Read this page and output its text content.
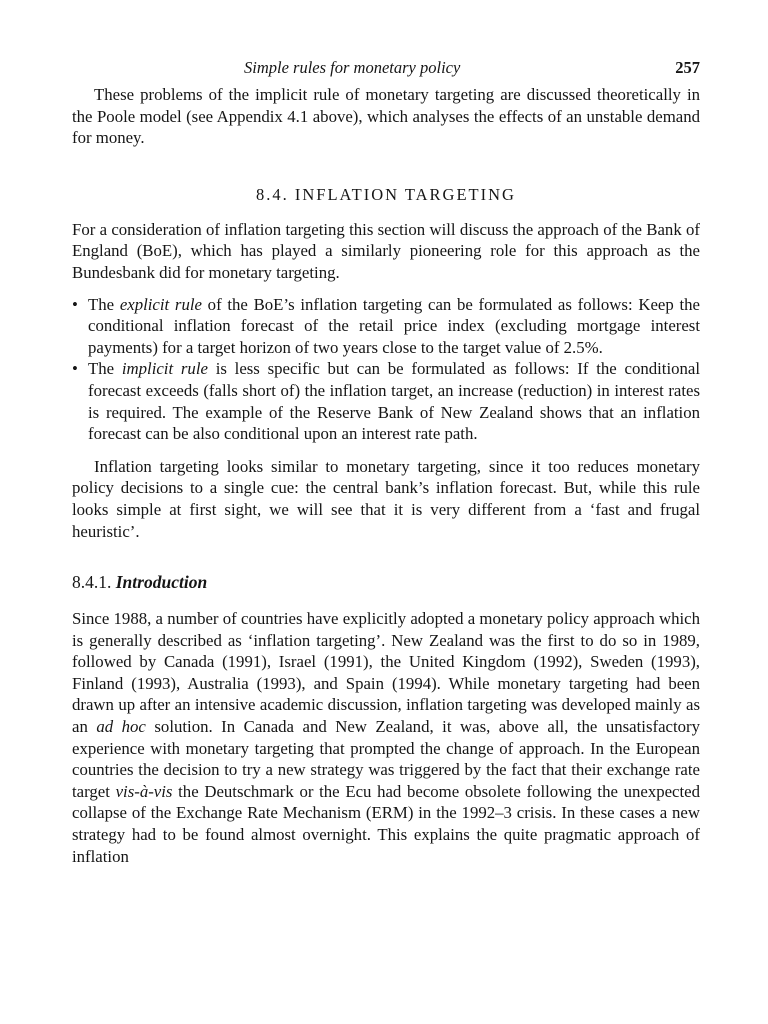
Simple rules for monetary policy	257

These problems of the implicit rule of monetary targeting are discussed theoretically in the Poole model (see Appendix 4.1 above), which analyses the effects of an unstable demand for money.

8.4. INFLATION TARGETING

For a consideration of inflation targeting this section will discuss the approach of the Bank of England (BoE), which has played a similarly pioneering role for this approach as the Bundesbank did for monetary targeting.

• The explicit rule of the BoE’s inflation targeting can be formulated as follows: Keep the conditional inflation forecast of the retail price index (excluding mortgage interest payments) for a target horizon of two years close to the target value of 2.5%.
• The implicit rule is less specific but can be formulated as follows: If the conditional forecast exceeds (falls short of) the inflation target, an increase (reduction) in interest rates is required. The example of the Reserve Bank of New Zealand shows that an inflation forecast can be also conditional upon an interest rate path.

Inflation targeting looks similar to monetary targeting, since it too reduces monetary policy decisions to a single cue: the central bank’s inflation forecast. But, while this rule looks simple at first sight, we will see that it is very different from a ‘fast and frugal heuristic’.

8.4.1. Introduction

Since 1988, a number of countries have explicitly adopted a monetary policy approach which is generally described as ‘inflation targeting’. New Zealand was the first to do so in 1989, followed by Canada (1991), Israel (1991), the United Kingdom (1992), Sweden (1993), Finland (1993), Australia (1993), and Spain (1994). While monetary targeting had been drawn up after an intensive academic discussion, inflation targeting was developed mainly as an ad hoc solution. In Canada and New Zealand, it was, above all, the unsatisfactory experience with monetary targeting that prompted the change of approach. In the European countries the decision to try a new strategy was triggered by the fact that their exchange rate target vis-à-vis the Deutschmark or the Ecu had become obsolete following the unexpected collapse of the Exchange Rate Mechanism (ERM) in the 1992–3 crisis. In these cases a new strategy had to be found almost overnight. This explains the quite pragmatic approach of inflation
